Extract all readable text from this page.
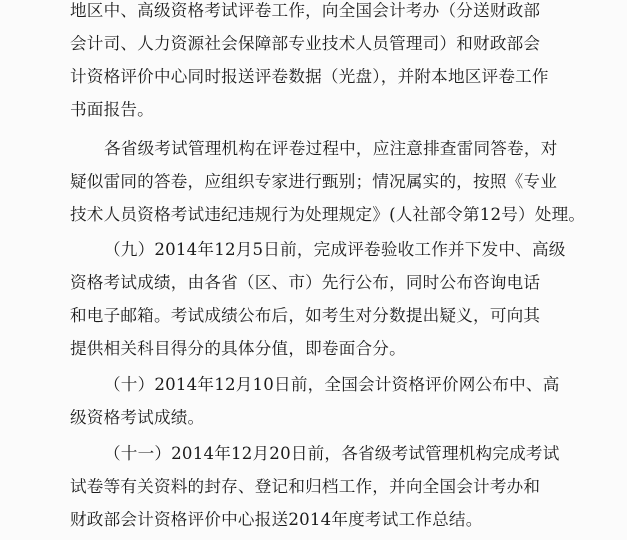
地区中、高级资格考试评卷工作，向全国会计考办（分送财政部
会计司、人力资源社会保障部专业技术人员管理司）和财政部会
计资格评价中心同时报送评卷数据（光盘），并附本地区评卷工作
书面报告。
各省级考试管理机构在评卷过程中，应注意排查雷同答卷，对
疑似雷同的答卷，应组织专家进行甄别；情况属实的，按照《专业
技术人员资格考试违纪违规行为处理规定》(人社部令第12号）处理。
（九）2014年12月5日前，完成评卷验收工作并下发中、高级
资格考试成绩，由各省（区、市）先行公布，同时公布咨询电话
和电子邮箱。考试成绩公布后，如考生对分数提出疑义，可向其
提供相关科目得分的具体分值，即卷面合分。
（十）2014年12月10日前，全国会计资格评价网公布中、高
级资格考试成绩。
（十一）2014年12月20日前，各省级考试管理机构完成考试
试卷等有关资料的封存、登记和归档工作，并向全国会计考办和
财政部会计资格评价中心报送2014年度考试工作总结。
